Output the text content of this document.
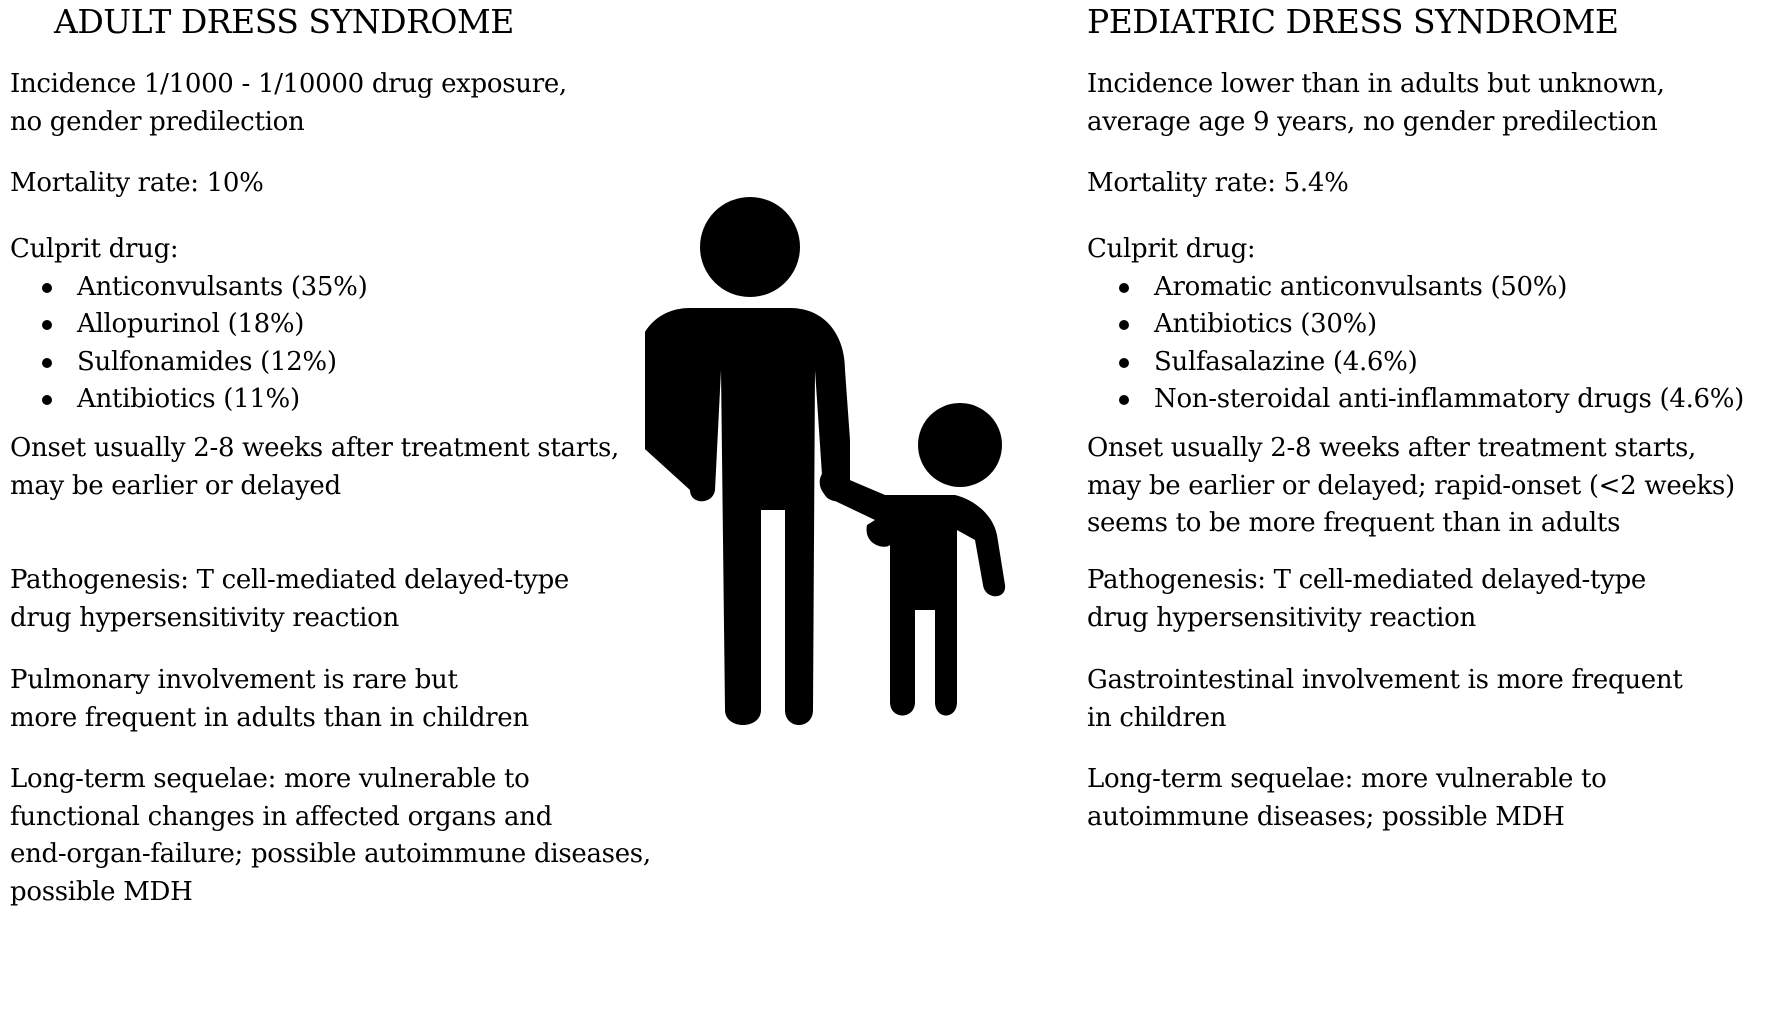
ADULT DRESS SYNDROME
Incidence 1/1000 - 1/10000 drug exposure,
no gender predilection
Mortality rate: 10%
Culprit drug:
Anticonvulsants (35%)
Allopurinol (18%)
Sulfonamides (12%)
Antibiotics (11%)
Onset usually 2-8 weeks after treatment starts,
may be earlier or delayed
Pathogenesis: T cell-mediated delayed-type
drug hypersensitivity reaction
Pulmonary involvement is rare but
more frequent in adults than in children
Long-term sequelae: more vulnerable to
functional changes in affected organs and
end-organ-failure; possible autoimmune diseases,
possible MDH
PEDIATRIC DRESS SYNDROME
Incidence lower than in adults but unknown,
average age 9 years, no gender predilection
Mortality rate: 5.4%
Culprit drug:
Aromatic anticonvulsants (50%)
Antibiotics (30%)
Sulfasalazine (4.6%)
Non-steroidal anti-inflammatory drugs (4.6%)
Onset usually 2-8 weeks after treatment starts,
may be earlier or delayed; rapid-onset (<2 weeks)
seems to be more frequent than in adults
Pathogenesis: T cell-mediated delayed-type
drug hypersensitivity reaction
Gastrointestinal involvement is more frequent
in children
Long-term sequelae: more vulnerable to
autoimmune diseases; possible MDH
